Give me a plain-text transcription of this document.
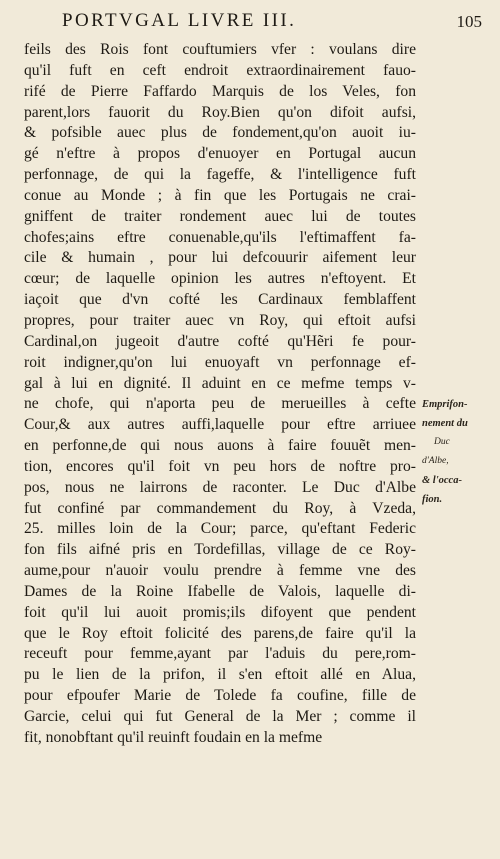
PORTVGAL LIVRE III.	105
feils des Rois font couftumiers vfer : voulans dire
qu'il fuft en ceft endroit extraordinairement fauo-
rifé de Pierre Faffardo Marquis de los Veles, fon
parent,lors fauorit du Roy.Bien qu'on difoit aufsi,
& pofsible auec plus de fondement,qu'on auoit iu-
gé n'eftre à propos d'enuoyer en Portugal aucun
perfonnage, de qui la fageffe, & l'intelligence fuft
conue au Monde ; à fin que les Portugais ne crai-
gniffent de traiter rondement auec lui de toutes
chofes;ains eftre conuenable,qu'ils l'eftimaffent fa-
cile & humain , pour lui defcouurir aifement leur
cœur; de laquelle opinion les autres n'eftoyent. Et
iaçoit que d'vn cofté les Cardinaux femblaffent
propres, pour traiter auec vn Roy, qui eftoit aufsi
Cardinal,on jugeoit d'autre cofté qu'Hẽri fe pour-
roit indigner,qu'on lui enuoyaft vn perfonnage ef-
gal à lui en dignité. Il aduint en ce mefme temps v-
ne chofe, qui n'aporta peu de merueilles à cefte
Cour,& aux autres auffi,laquelle pour eftre arriuee
en perfonne,de qui nous auons à faire fouuẽt men-
tion, encores qu'il foit vn peu hors de noftre pro-
pos, nous ne lairrons de raconter. Le Duc d'Albe
fut confiné par commandement du Roy, à Vzeda,
25. milles loin de la Cour; parce, qu'eftant Federic
fon fils aifné pris en Tordefillas, village de ce Roy-
aume,pour n'auoir voulu prendre à femme vne des
Dames de la Roine Ifabelle de Valois, laquelle di-
foit qu'il lui auoit promis;ils difoyent que pendent
que le Roy eftoit folicité des parens,de faire qu'il la
receuft pour femme,ayant par l'aduis du pere,rom-
pu le lien de la prifon, il s'en eftoit allé en Alua,
pour efpoufer Marie de Tolede fa coufine, fille de
Garcie, celui qui fut General de la Mer ; comme il
fit, nonobftant qu'il reuinft foudain en la mefme
Emprifon-
nement du
Duc
d'Albe,
& l'occa-
fion.
